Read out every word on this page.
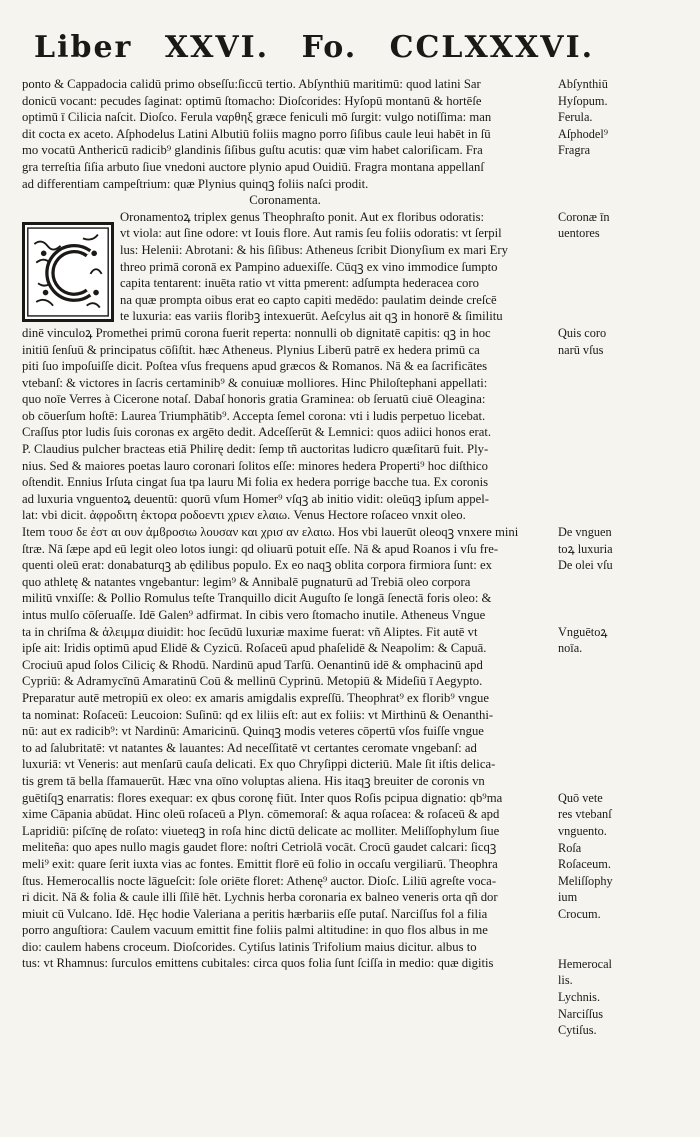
Liber XXVI. Fo. CCLXXXVI.
ponto & Cappadocia calidū primo obseſſu:ſiccū tertio. Abſynthiū maritimū: quod latini Sar
donicū vocant: pecudes ſaginat: optimū ſtomacho: Dioſcorides: Hyſopū montanū & hortēſe
optimū ī Cilicia naſcit. Dioſco. Ferula ναρθηξ græce feniculi mō ſurgit: vulgo notiſſima: man
dit cocta ex aceto. Aſphodelus Latini Albutiū foliis magno porro ſiſibus caule leui habēt in ſū
mo vocatū Anthericū radicib⁹ glandinis ſiſibus guſtu acutis: quæ vim habet caloriſicam. Fra
gra terreſtia ſiſia arbuto ſiue vnedoni auctore plynio apud Ouidiū. Fragra montana appellanſ
ad differentiam campeſtrium: quæ Plynius quinqꝫ foliis naſci prodit.
Coronamenta.
Oronamentoꝝ triplex genus Theophraſto ponit. Aut ex floribus odoratis:
vt viola: aut ſine odore: vt Iouis flore. Aut ramis ſeu foliis odoratis: vt ſerpil
lus: Helenii: Abrotani: & his ſiſibus: Atheneus ſcribit Dionyſium ex mari Ery
threo primā coronā ex Pampino aduexiſſe. Cūqꝫ ex vino immodice ſumpto
capita tentarent: inuēta ratio vt vitta pmerent: adſumpta hederacea coro
na quæ prompta oibus erat eo capto capiti medēdo: paulatim deinde creſcē
te luxuria: eas variis floribꝫ intexuerūt. Aeſcylus ait qꝫ in honorē & ſimilitu
dinē vinculoꝝ Promethei primū corona fuerit reperta: nonnulli ob dignitatē capitis: qꝫ in hoc
initiū ſenſuū & principatus cōſiſtit. hæc Atheneus. Plynius Liberū patrē ex hedera primū ca
piti ſuo impoſuiſſe dicit. Poſtea vſus frequens apud græcos & Romanos. Nā & ea ſacrificātes
vtebanſ: & victores in ſacris certaminib⁹ & conuiuæ molliores. Hinc Philoſtephani appellati:
quo noīe Verres à Cicerone notaſ. Dabaſ honoris gratia Graminea: ob ſeruatū ciuē Oleagina:
ob cōuerſum hoſtē: Laurea Triumphātib⁹. Accepta ſemel corona: vti i ludis perpetuo licebat.
Craſſus ptor ludis ſuis coronas ex argēto dedit. Adceſſerūt & Lemnici: quos adiici honos erat.
P. Claudius pulcher bracteas etiā Philirę dedit: ſemp tñ auctoritas ludicro quæſitarū fuit. Ply-
nius. Sed & maiores poetas lauro coronari ſolitos eſſe: minores hedera Properti⁹ hoc diſthico
oſtendit. Ennius Irſuta cingat ſua tpa lauru Mi folia ex hedera porrige bacche tua. Ex coronis
ad luxuria vnguentoꝝ deuentū: quorū vſum Homer⁹ vſqꝫ ab initio vidit: oleūqꝫ ipſum appel-
lat: vbi dicit. ἀφροδιτη ἐκτορα ροδοεντι χριεν ελαιω. Venus Hectore roſaceo vnxit oleo.
Item τουσ δε ἐστ αι ουν ἀμϐροσιω λουσαν και χρισ αν ελαιω. Hos vbi lauerūt oleoqꝫ vnxere mini
ſtræ. Nā ſæpe apd eū legit oleo lotos iungi: qd oliuarū potuit eſſe. Nā & apud Roanos i vſu fre-
quenti oleū erat: donabaturqꝫ ab ędilibus populo. Ex eo naqꝫ oblita corpora firmiora ſunt: ex
quo athletę & natantes vngebantur: legim⁹ & Annibalē pugnaturū ad Trebiā oleo corpora
militū vnxiſſe: & Pollio Romulus teſte Tranquillo dicit Auguſto ſe longā ſenectā foris oleo: &
intus mulſo cōſeruaſſe. Idē Galen⁹ adfirmat. In cibis vero ſtomacho inutile. Atheneus Vngue
ta in chriſma & ἀλειμμα diuidit: hoc ſecūdū luxuriæ maxime fuerat: vñ Aliptes. Fit autē vt
ipſe ait: Iridis optimū apud Elidē & Cyzicū. Roſaceū apud phaſelidē & Neapolim: & Capuā.
Crociuū apud ſolos Ciliciç & Rhodū. Nardinū apud Tarſū. Oenantinū idē & omphacinū apd
Cypriū: & Adramycīnū Amaratinū Coū & mellinū Cyprinū. Metopiū & Mideſiū ī Aegypto.
Preparatur autē metropiū ex oleo: ex amaris amigdalis expreſſū. Theophrat⁹ ex florib⁹ vngue
ta nominat: Roſaceū: Leucoion: Suſinū: qd ex liliis eſt: aut ex foliis: vt Mirthinū & Oenanthi-
nū: aut ex radicib⁹: vt Nardinū: Amaricinū. Quinqꝫ modis veteres cōpertū vſos fuiſſe vngue
to ad ſalubritatē: vt natantes & lauantes: Ad neceſſitatē vt certantes ceromate vngebanſ: ad
luxuriā: vt Veneris: aut menſarū cauſa delicati. Ex quo Chryſippi dicteriū. Male ſit iſtis delica-
tis grem tā bella ſfamauerūt. Hæc vna oīno voluptas aliena. His itaqꝫ breuiter de coronis vn
guētiſqꝫ enarratis: flores exequar: ex qbus coronę fiūt. Inter quos Roſis pcipua dignatio: qb⁹ma
xime Cāpania abūdat. Hinc oleū roſaceū a Plyn. cōmemoraſ: & aqua roſacea: & roſaceū & apd
Lapridiū: piſcīnę de roſato: viueteqꝫ in roſa hinc dictū delicate ac molliter. Meliſſophylum ſiue
meliteña: quo apes nullo magis gaudet flore: noſtri Cetriolā vocāt. Crocū gaudet calcari: ſicqꝫ
meli⁹ exit: quare ſerit iuxta vias ac fontes. Emittit florē eū folio in occaſu vergiliarū. Theophra
ſtus. Hemerocallis nocte lāgueſcit: ſole oriēte floret: Athenę⁹ auctor. Dioſc. Liliū agreſte voca-
ri dicit. Nā & folia & caule illi ſſilē hēt. Lychnis herba coronaria ex balneo veneris orta qñ dor
miuit cū Vulcano. Idē. Hęc hodie Valeriana a peritis hærbariis eſſe putaſ. Narciſſus fol a filia
porro anguſtiora: Caulem vacuum emittit fine foliis palmi altitudine: in quo flos albus in me
dio: caulem habens croceum. Dioſcorides. Cytiſus latinis Trifolium maius dicitur. albus to
tus: vt Rhamnus: ſurculos emittens cubitales: circa quos folia ſunt ſciſſa in medio: quæ digitis
Abſynthiū
Hyſopum.
Ferula.
Aſphodel⁹
Fragra
Coronæ īn
uentores
Quis coro
narū vſus
De vnguen
toꝝ luxuria
De olei vſu
Vnguētoꝝ
noīa.
Quō vete
res vtebanſ
vnguento.
Roſa
Roſaceum.
Meliſſophy
ium
Crocum.
Hemerocal
lis.
Lychnis.
Narciſſus
Cytiſus.
